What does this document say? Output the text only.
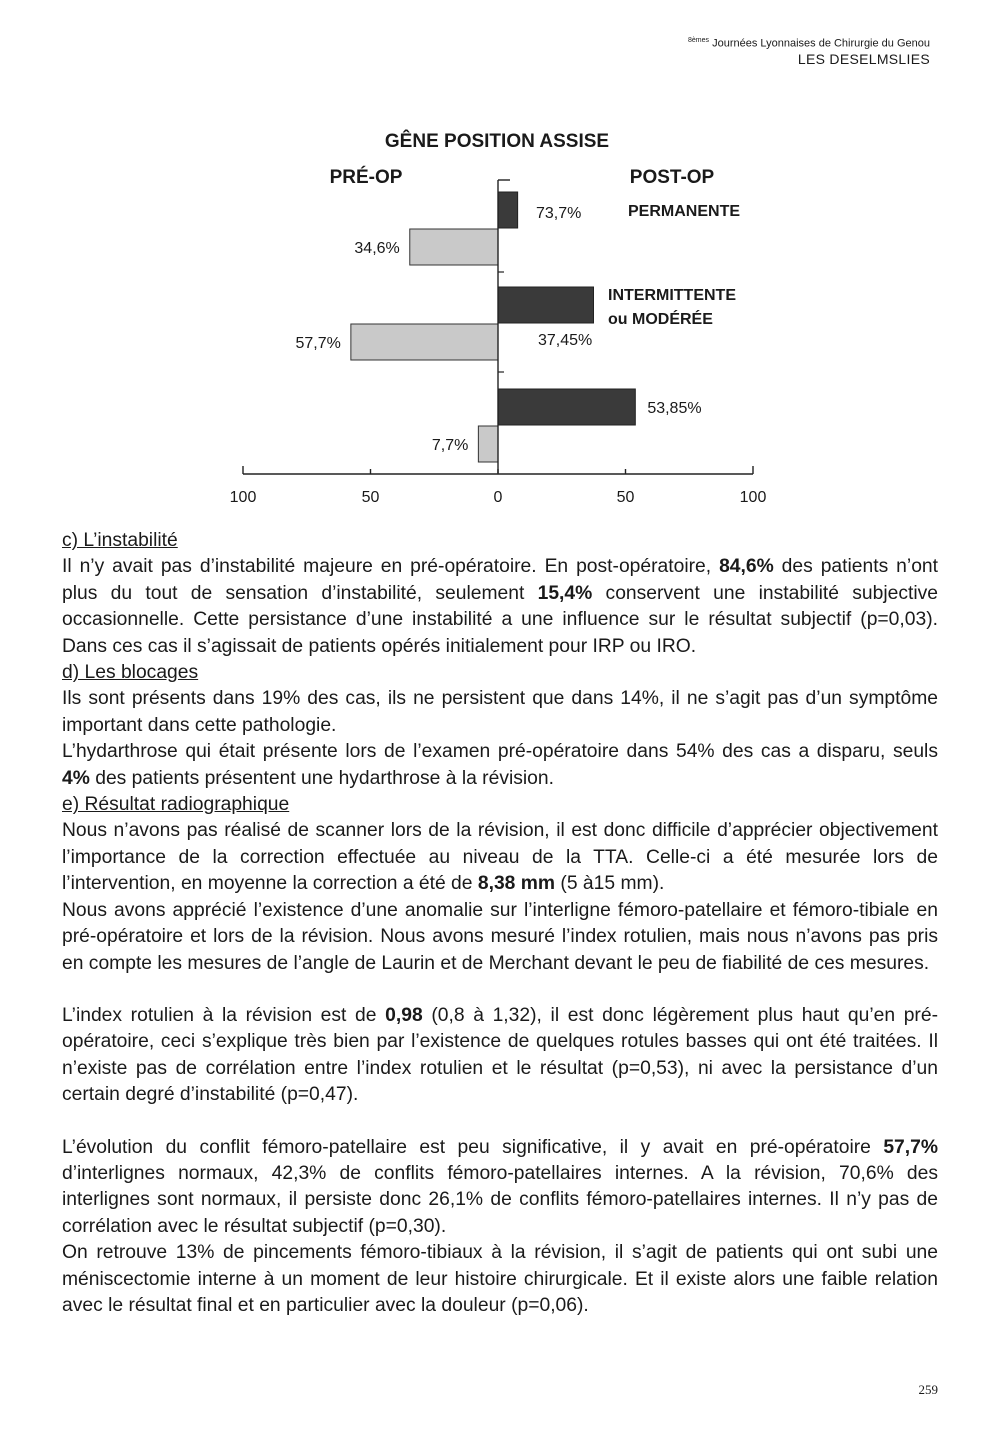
$^{8èmes}$ Journées Lyonnaises de Chirurgie du Genou
LES DESELMSLIES
GÊNE POSITION ASSISE
PRÉ-OP	POST-OP
34,6%
73,7%	PERMANENTE
57,7%	37,45%
INTERMITTENTE
ou MODÉRÉE
7,7%
53,85%
100	50	0	50	100

c) L’instabilité

Il n’y avait pas d’instabilité majeure en pré-opératoire. En post-opératoire, 84,6% des patients n’ont plus du tout de sensation d’instabilité, seulement 15,4% conservent une instabilité subjective occasionnelle. Cette persistance d’une instabilité a une influence sur le résultat subjectif (p=0,03). Dans ces cas il s’agissait de patients opérés initialement pour IRP ou IRO.

d) Les blocages

Ils sont présents dans 19% des cas, ils ne persistent que dans 14%, il ne s’agit pas d’un symptôme important dans cette pathologie.

L’hydarthrose qui était présente lors de l’examen pré-opératoire dans 54% des cas a disparu, seuls 4% des patients présentent une hydarthrose à la révision.

e) Résultat radiographique

Nous n’avons pas réalisé de scanner lors de la révision, il est donc difficile d’apprécier objectivement l’importance de la correction effectuée au niveau de la TTA. Celle-ci a été mesurée lors de l’intervention, en moyenne la correction a été de 8,38 mm (5 à15 mm).

Nous avons apprécié l’existence d’une anomalie sur l’interligne fémoro-patellaire et fémoro-tibiale en pré-opératoire et lors de la révision. Nous avons mesuré l’index rotulien, mais nous n’avons pas pris en compte les mesures de l’angle de Laurin et de Merchant devant le peu de fiabilité de ces mesures.

L’index rotulien à la révision est de 0,98 (0,8 à 1,32), il est donc légèrement plus haut qu’en pré-opératoire, ceci s’explique très bien par l’existence de quelques rotules basses qui ont été traitées. Il n’existe pas de corrélation entre l’index rotulien et le résultat (p=0,53), ni avec la persistance d’un certain degré d’instabilité (p=0,47).

L’évolution du conflit fémoro-patellaire est peu significative, il y avait en pré-opératoire 57,7% d’interlignes normaux, 42,3% de conflits fémoro-patellaires internes. A la révision, 70,6% des interlignes sont normaux, il persiste donc 26,1% de conflits fémoro-patellaires internes. Il n’y pas de corrélation avec le résultat subjectif (p=0,30).

On retrouve 13% de pincements fémoro-tibiaux à la révision, il s’agit de patients qui ont subi une méniscectomie interne à un moment de leur histoire chirurgicale. Et il existe alors une faible relation avec le résultat final et en particulier avec la douleur (p=0,06).

259
